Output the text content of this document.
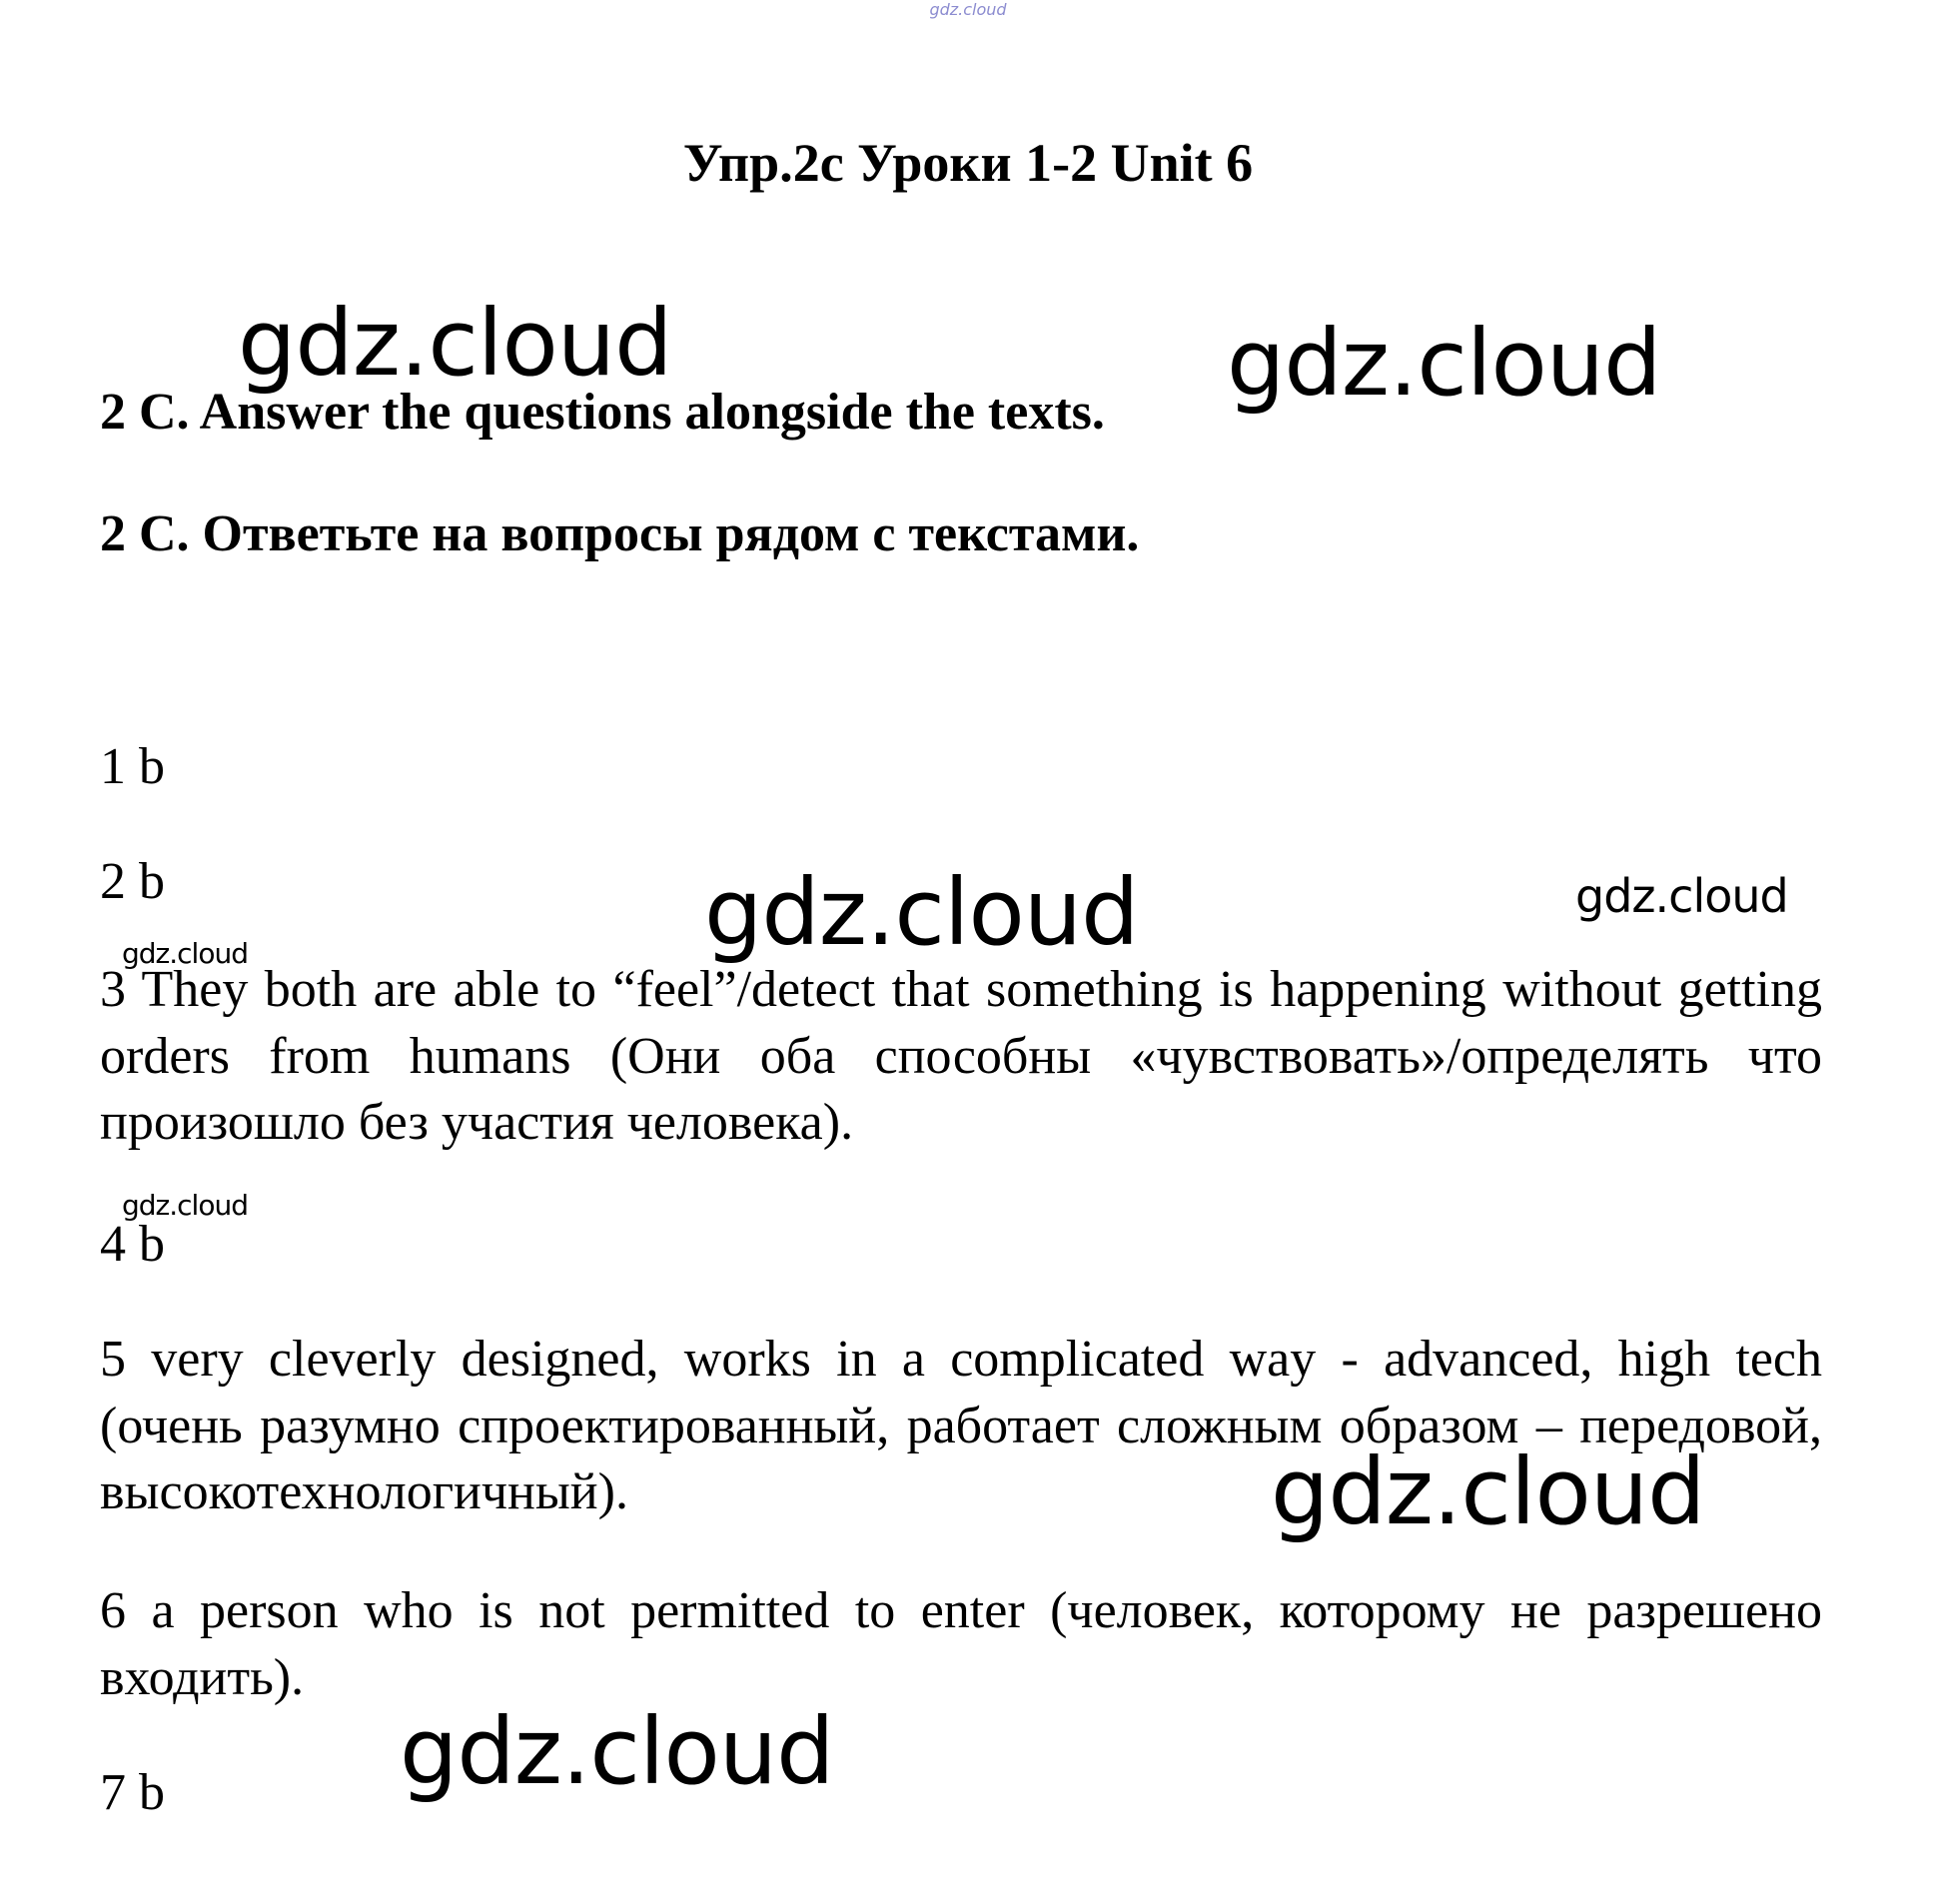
gdz.cloud
Упр.2с Уроки 1-2 Unit 6
2 C. Answer the questions alongside the texts.
2 С. Ответьте на вопросы рядом с текстами.
1 b
2 b
3 They both are able to “feel”/detect that something is happening without getting orders from humans (Они оба способны «чувствовать»/определять что произошло без участия человека).
4 b
5 very cleverly designed, works in a complicated way - advanced, high tech (очень разумно спроектированный, работает сложным образом – передовой, высокотехнологичный).
6 a person who is not permitted to enter (человек, которому не разрешено входить).
7 b
gdz.cloud	gdz.cloud
gdz.cloud	gdz.cloud
gdz.cloud
gdz.cloud
gdz.cloud
gdz.cloud
